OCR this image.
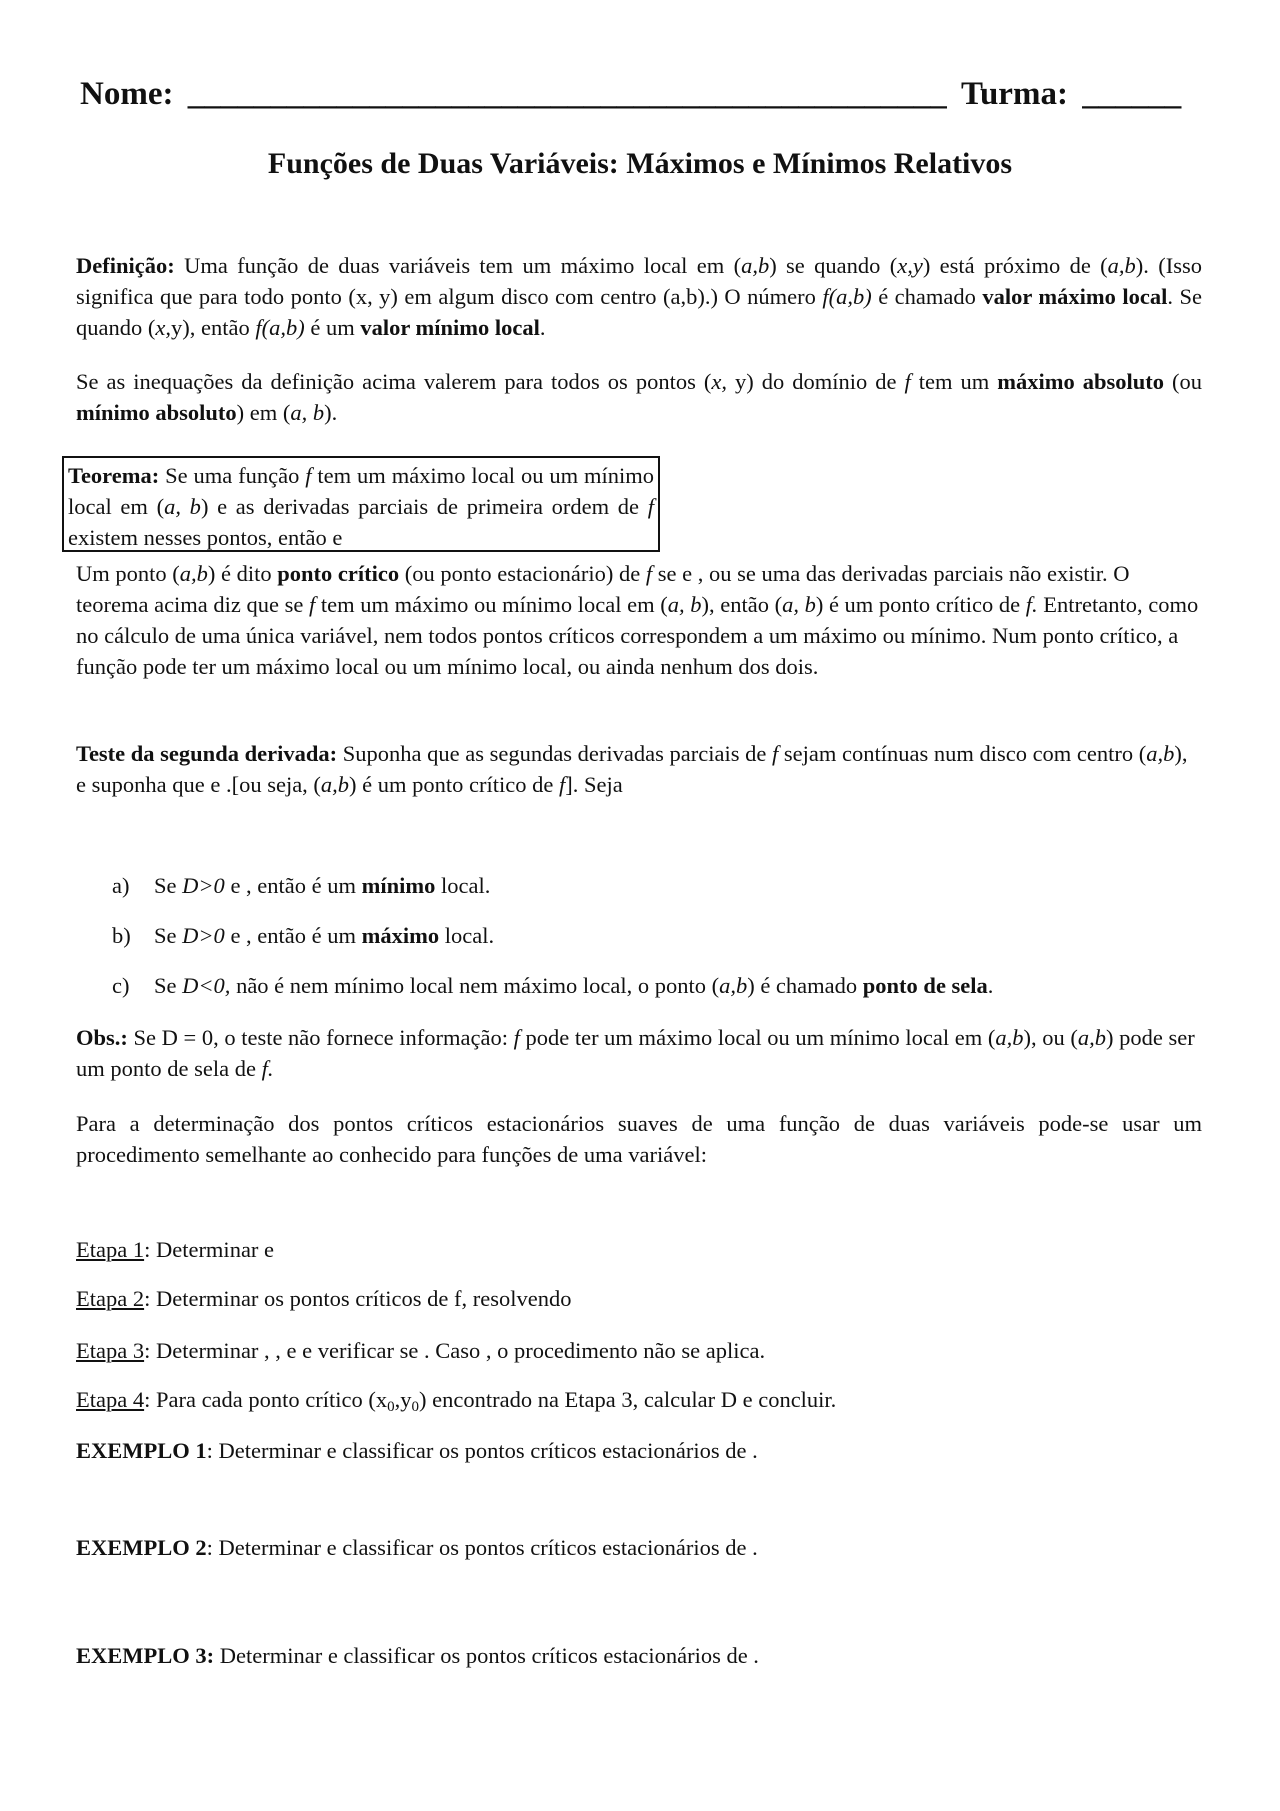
Nome: ______________________________________________ Turma: ______
Funções de Duas Variáveis: Máximos e Mínimos Relativos

Definição: Uma função de duas variáveis tem um máximo local em (a,b) se quando (x,y) está próximo de (a,b). (Isso significa que para todo ponto (x, y) em algum disco com centro (a,b).) O número f(a,b) é chamado valor máximo local. Se quando (x,y), então f(a,b) é um valor mínimo local.

Se as inequações da definição acima valerem para todos os pontos (x, y) do domínio de f tem um máximo absoluto (ou mínimo absoluto) em (a, b).

Teorema: Se uma função f tem um máximo local ou um mínimo local em (a, b) e as derivadas parciais de primeira ordem de f existem nesses pontos, então e

Um ponto (a,b) é dito ponto crítico (ou ponto estacionário) de f se e , ou se uma das derivadas parciais não existir. O teorema acima diz que se f tem um máximo ou mínimo local em (a, b), então (a, b) é um ponto crítico de f. Entretanto, como no cálculo de uma única variável, nem todos pontos críticos correspondem a um máximo ou mínimo. Num ponto crítico, a função pode ter um máximo local ou um mínimo local, ou ainda nenhum dos dois.

Teste da segunda derivada: Suponha que as segundas derivadas parciais de f sejam contínuas num disco com centro (a,b), e suponha que e .[ou seja, (a,b) é um ponto crítico de f]. Seja

a) Se D>0 e , então é um mínimo local.
b) Se D>0 e , então é um máximo local.
c) Se D<0, não é nem mínimo local nem máximo local, o ponto (a,b) é chamado ponto de sela.

Obs.: Se D = 0, o teste não fornece informação: f pode ter um máximo local ou um mínimo local em (a,b), ou (a,b) pode ser um ponto de sela de f.

Para a determinação dos pontos críticos estacionários suaves de uma função de duas variáveis pode-se usar um procedimento semelhante ao conhecido para funções de uma variável:
Etapa 1: Determinar e
Etapa 2: Determinar os pontos críticos de f, resolvendo
Etapa 3: Determinar , , e e verificar se . Caso , o procedimento não se aplica.
Etapa 4: Para cada ponto crítico $(x_0,y_0)$ encontrado na Etapa 3, calcular D e concluir.
EXEMPLO 1: Determinar e classificar os pontos críticos estacionários de .
EXEMPLO 2: Determinar e classificar os pontos críticos estacionários de .
EXEMPLO 3: Determinar e classificar os pontos críticos estacionários de .
